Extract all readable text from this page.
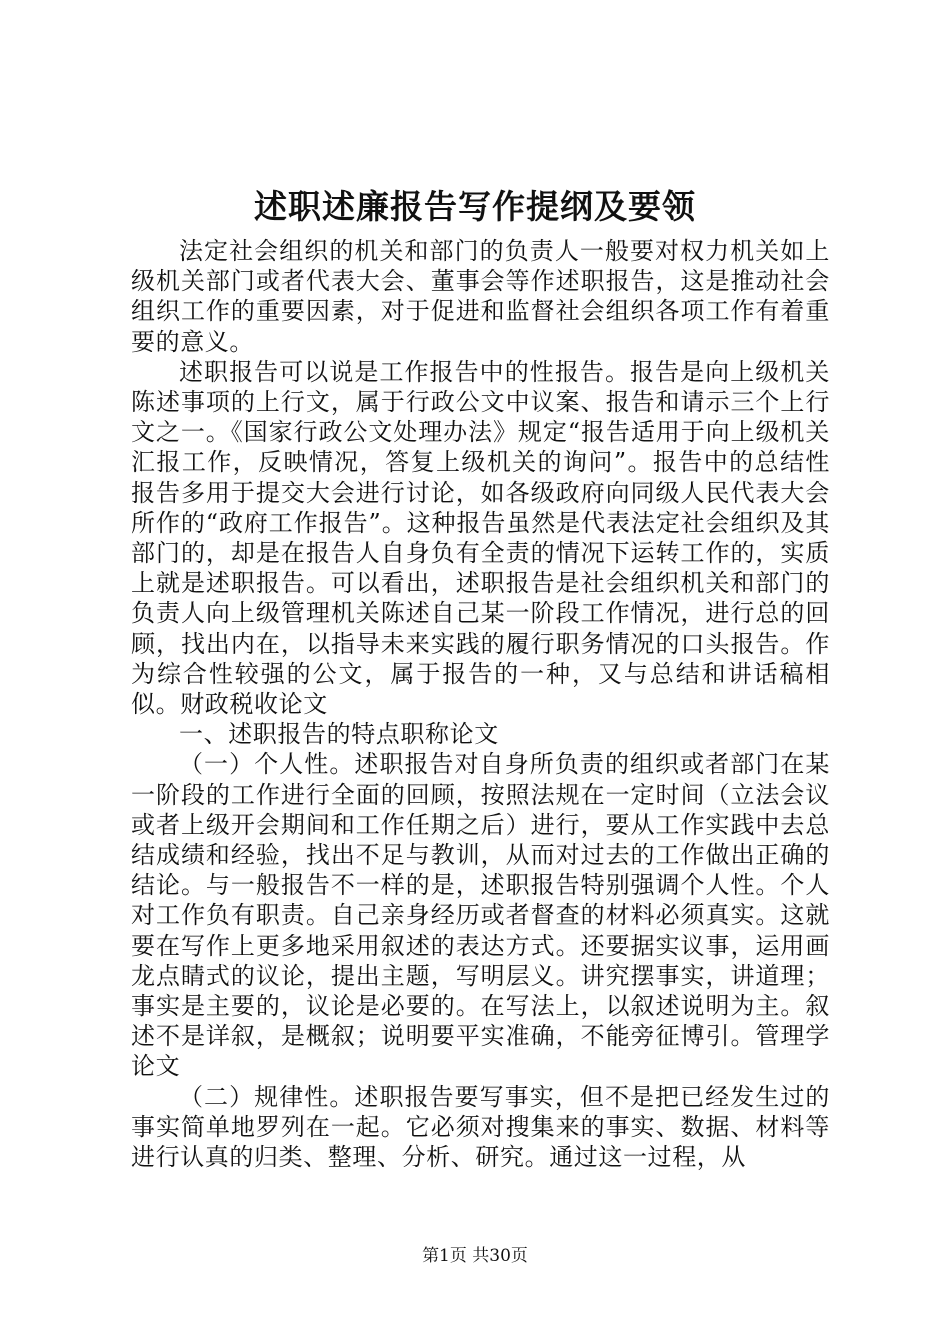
述职述廉报告写作提纲及要领

法定社会组织的机关和部门的负责人一般要对权力机关如上级机关部门或者代表大会、董事会等作述职报告，这是推动社会组织工作的重要因素，对于促进和监督社会组织各项工作有着重要的意义。

述职报告可以说是工作报告中的性报告。报告是向上级机关陈述事项的上行文，属于行政公文中议案、报告和请示三个上行文之一。《国家行政公文处理办法》规定“报告适用于向上级机关汇报工作，反映情况，答复上级机关的询问”。报告中的总结性报告多用于提交大会进行讨论，如各级政府向同级人民代表大会所作的“政府工作报告”。这种报告虽然是代表法定社会组织及其部门的，却是在报告人自身负有全责的情况下运转工作的，实质上就是述职报告。可以看出，述职报告是社会组织机关和部门的负责人向上级管理机关陈述自己某一阶段工作情况，进行总的回顾，找出内在，以指导未来实践的履行职务情况的口头报告。作为综合性较强的公文，属于报告的一种，又与总结和讲话稿相似。财政税收论文

一、述职报告的特点职称论文

（一）个人性。述职报告对自身所负责的组织或者部门在某一阶段的工作进行全面的回顾，按照法规在一定时间（立法会议或者上级开会期间和工作任期之后）进行，要从工作实践中去总结成绩和经验，找出不足与教训，从而对过去的工作做出正确的结论。与一般报告不一样的是，述职报告特别强调个人性。个人对工作负有职责。自己亲身经历或者督查的材料必须真实。这就要在写作上更多地采用叙述的表达方式。还要据实议事，运用画龙点睛式的议论，提出主题，写明层义。讲究摆事实，讲道理；事实是主要的，议论是必要的。在写法上，以叙述说明为主。叙述不是详叙，是概叙；说明要平实准确，不能旁征博引。管理学论文

（二）规律性。述职报告要写事实，但不是把已经发生过的事实简单地罗列在一起。它必须对搜集来的事实、数据、材料等进行认真的归类、整理、分析、研究。通过这一过程，从

第1页 共30页
